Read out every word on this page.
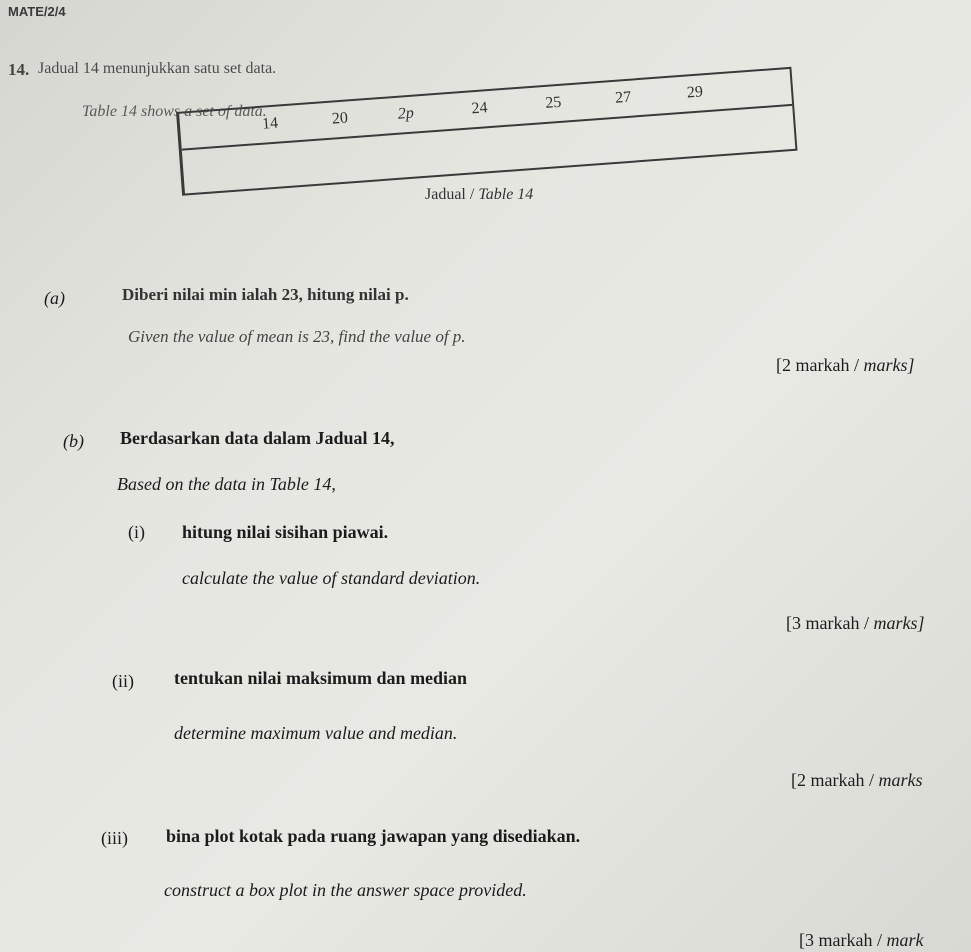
MATE/2/4
14. Jadual 14 menunjukkan satu set data.
Table 14 shows a set of data.
14	20	2p	24	25	27	29
Jadual / Table 14
(a)	Diberi nilai min ialah 23, hitung nilai p.
Given the value of mean is 23, find the value of p.
[2 markah / marks]
(b) Berdasarkan data dalam Jadual 14,
Based on the data in Table 14,
(i) hitung nilai sisihan piawai.
calculate the value of standard deviation.
[3 markah / marks]
(ii) tentukan nilai maksimum dan median
determine maximum value and median.
[2 markah / marks
(iii) bina plot kotak pada ruang jawapan yang disediakan.
construct a box plot in the answer space provided.
[3 markah / mark
